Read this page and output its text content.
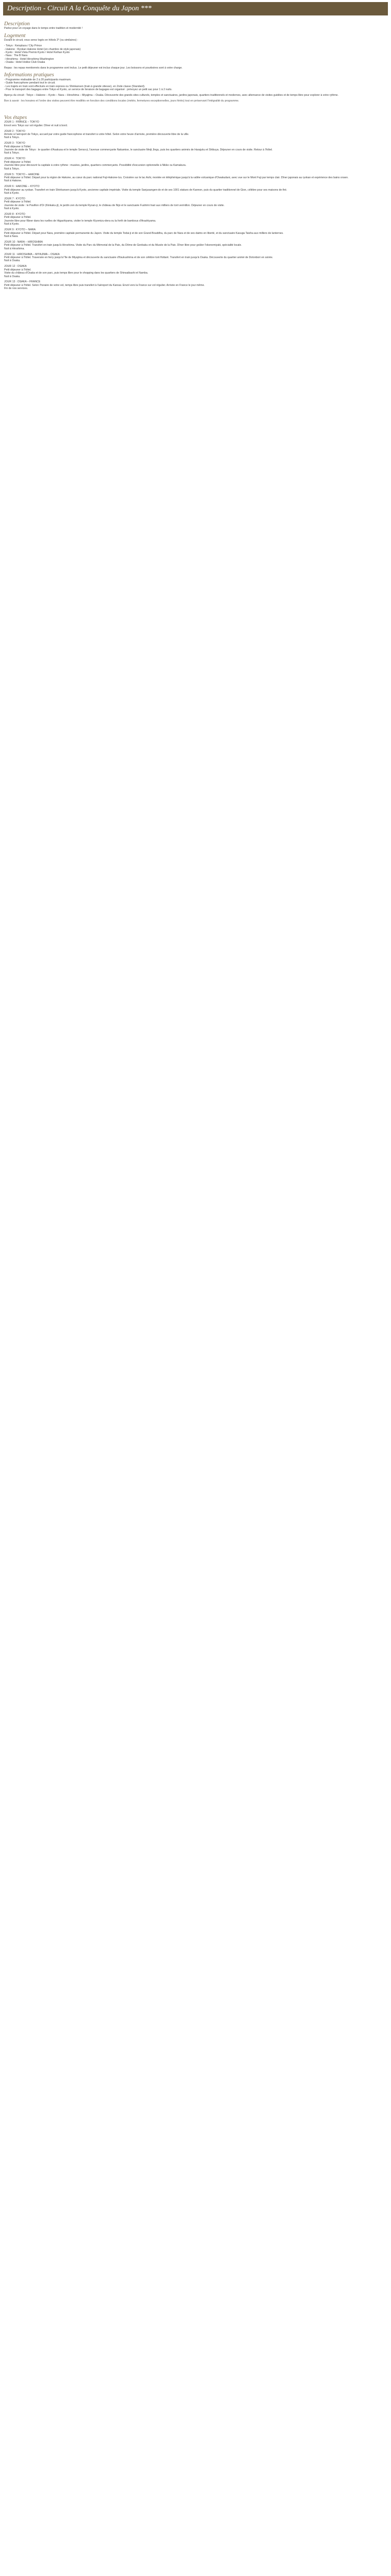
Description - Circuit A la Conquête du Japon ***
Description

Parlez pour un voyage dans le temps entre tradition et modernité !

Logement

Durant le circuit, vous serez logés en hôtels 3* (ou similaires) :

- Tokyo : Keioplaza / City Prince
- Hakone : Ryokan Hakone Hotel (en chambre de style japonais)
- Kyoto : Hotel Vista Premio Kyoto / Hotel Keihan Kyoto
- Nara : The B Nara
- Hiroshima : Hotel Hiroshima Washington
- Osaka : Hotel Hokke Club Osaka

Repas : les repas mentionnés dans le programme sont inclus. Le petit déjeuner est inclus chaque jour. Les boissons et pourboires sont à votre charge.

Informations pratiques

- Programme réalisable de 2 à 20 participants maximum.
- Guide francophone pendant tout le circuit.
- Les trajets en train sont effectués en train express ou Shinkansen (train à grande vitesse), en 2nde classe (Standard).
- Pour le transport des bagages entre Tokyo et Kyoto, un service de livraison de bagages est organisé : prévoyez un petit sac pour 1 à 2 nuits.

Aperçu du circuit : Tokyo – Hakone – Kyoto – Nara – Hiroshima – Miyajima – Osaka. Découverte des grands sites culturels, temples et sanctuaires, jardins japonais, quartiers traditionnels et modernes, avec alternance de visites guidées et de temps libre pour explorer à votre rythme.

Bon à savoir : les horaires et l'ordre des visites peuvent être modifiés en fonction des conditions locales (météo, fermetures exceptionnelles, jours fériés) tout en préservant l'intégralité du programme.

Vos étapes

JOUR 1 : FRANCE – TOKYO
Envol vers Tokyo sur vol régulier. Dîner et nuit à bord.

JOUR 2 : TOKYO
Arrivée à l'aéroport de Tokyo, accueil par votre guide francophone et transfert à votre hôtel. Selon votre heure d'arrivée, première découverte libre de la ville.
Nuit à Tokyo.

JOUR 3 : TOKYO
Petit déjeuner à l'hôtel.
Journée de visite de Tokyo : le quartier d'Asakusa et le temple Senso-ji, l'avenue commerçante Nakamise, le sanctuaire Meiji Jingu, puis les quartiers animés de Harajuku et Shibuya. Déjeuner en cours de visite. Retour à l'hôtel.
Nuit à Tokyo.

JOUR 4 : TOKYO
Petit déjeuner à l'hôtel.
Journée libre pour découvrir la capitale à votre rythme : musées, jardins, quartiers commerçants. Possibilité d'excursion optionnelle à Nikko ou Kamakura.
Nuit à Tokyo.

JOUR 5 : TOKYO – HAKONE
Petit déjeuner à l'hôtel. Départ pour la région de Hakone, au cœur du parc national Fuji-Hakone-Izu. Croisière sur le lac Ashi, montée en téléphérique jusqu'à la vallée volcanique d'Owakudani, avec vue sur le Mont Fuji par temps clair. Dîner japonais au ryokan et expérience des bains onsen.
Nuit à Hakone.

JOUR 6 : HAKONE – KYOTO
Petit déjeuner au ryokan. Transfert en train Shinkansen jusqu'à Kyoto, ancienne capitale impériale. Visite du temple Sanjusangen-do et de ses 1001 statues de Kannon, puis du quartier traditionnel de Gion, célèbre pour ses maisons de thé.
Nuit à Kyoto.

JOUR 7 : KYOTO
Petit déjeuner à l'hôtel.
Journée de visite : le Pavillon d'Or (Kinkaku-ji), le jardin zen du temple Ryoan-ji, le château de Nijo et le sanctuaire Fushimi Inari aux milliers de torii vermillon. Déjeuner en cours de visite.
Nuit à Kyoto.

JOUR 8 : KYOTO
Petit déjeuner à l'hôtel.
Journée libre pour flâner dans les ruelles de Higashiyama, visiter le temple Kiyomizu-dera ou la forêt de bambous d'Arashiyama.
Nuit à Kyoto.

JOUR 9 : KYOTO – NARA
Petit déjeuner à l'hôtel. Départ pour Nara, première capitale permanente du Japon. Visite du temple Todai-ji et de son Grand Bouddha, du parc de Nara et de ses daims en liberté, et du sanctuaire Kasuga Taisha aux milliers de lanternes.
Nuit à Nara.

JOUR 10 : NARA – HIROSHIMA
Petit déjeuner à l'hôtel. Transfert en train jusqu'à Hiroshima. Visite du Parc du Mémorial de la Paix, du Dôme de Genbaku et du Musée de la Paix. Dîner libre pour goûter l'okonomiyaki, spécialité locale.
Nuit à Hiroshima.

JOUR 11 : HIROSHIMA – MIYAJIMA – OSAKA
Petit déjeuner à l'hôtel. Traversée en ferry jusqu'à l'île de Miyajima et découverte du sanctuaire d'Itsukushima et de son célèbre torii flottant. Transfert en train jusqu'à Osaka. Découverte du quartier animé de Dotonbori en soirée.
Nuit à Osaka.

JOUR 12 : OSAKA
Petit déjeuner à l'hôtel.
Visite du château d'Osaka et de son parc, puis temps libre pour le shopping dans les quartiers de Shinsaibashi et Namba.
Nuit à Osaka.

JOUR 13 : OSAKA – FRANCE
Petit déjeuner à l'hôtel. Selon l'horaire de votre vol, temps libre puis transfert à l'aéroport du Kansai. Envol vers la France sur vol régulier. Arrivée en France le jour même.
Fin de nos services.
